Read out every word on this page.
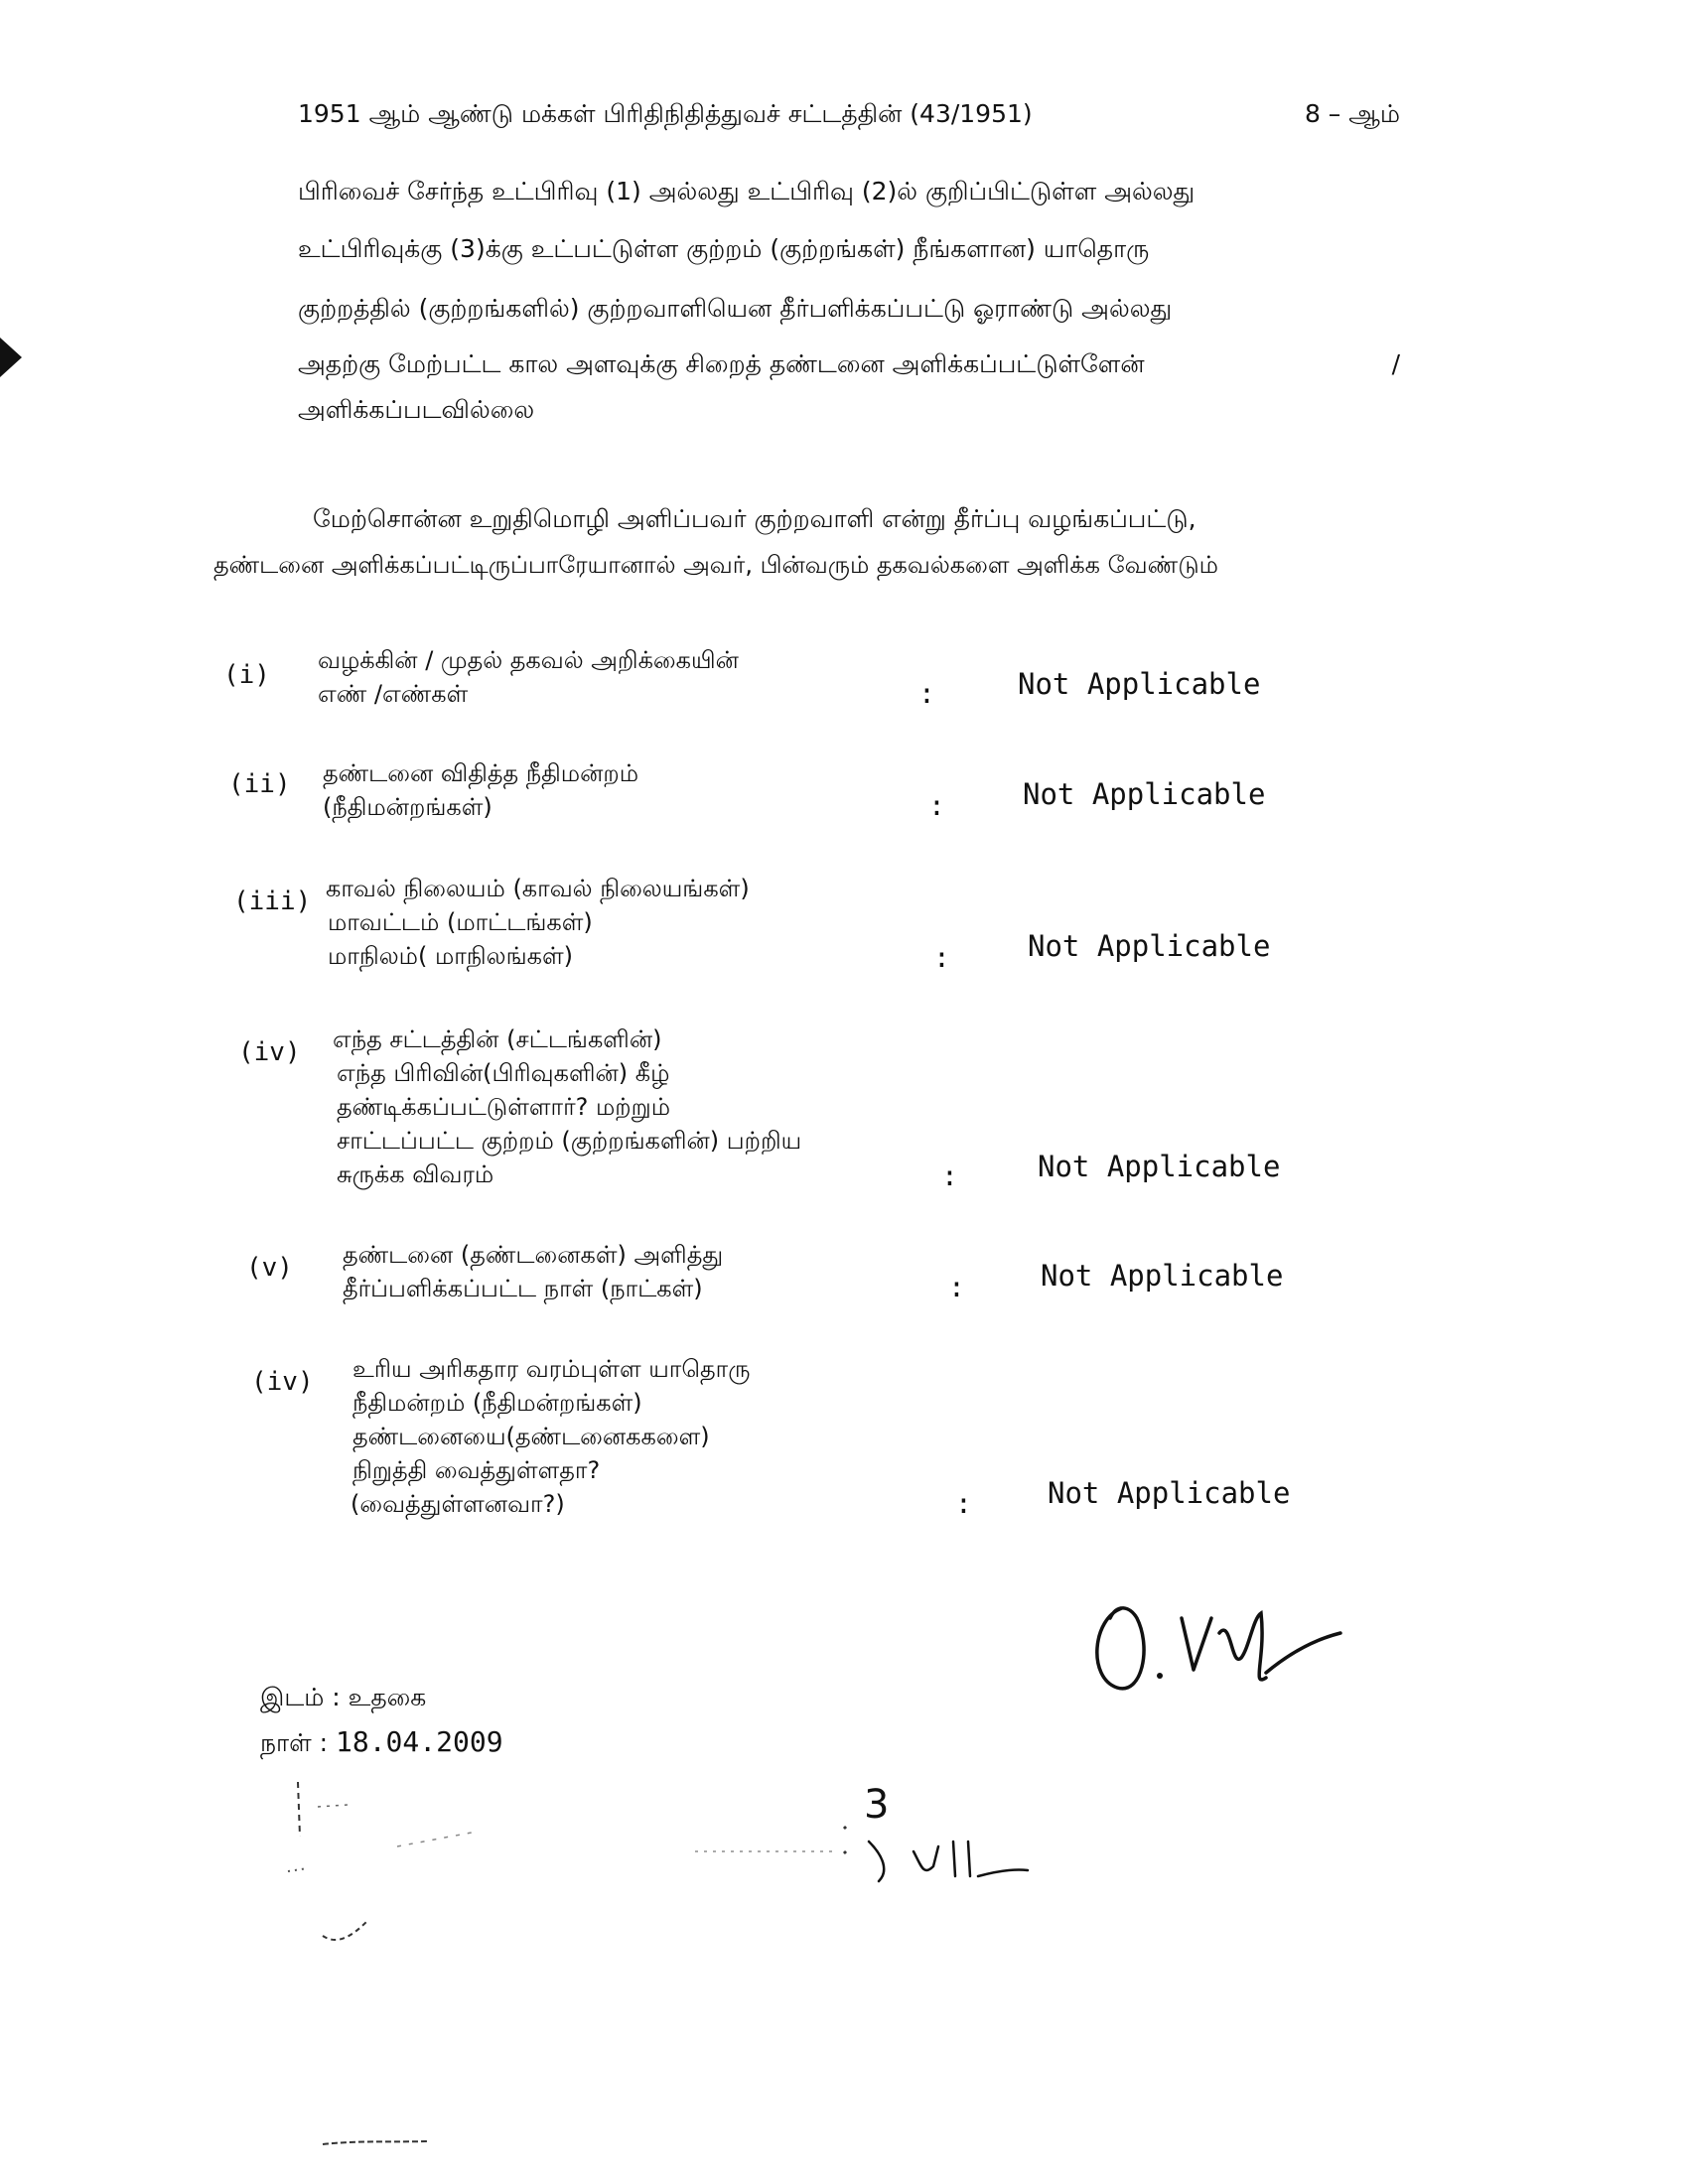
1951 ஆம் ஆண்டு மக்கள் பிரிதிநிதித்துவச் சட்டத்தின் (43/1951)	8 – ஆம்
பிரிவைச் சேர்ந்த உட்பிரிவு (1) அல்லது உட்பிரிவு (2)ல் குறிப்பிட்டுள்ள அல்லது
உட்பிரிவுக்கு (3)க்கு உட்பட்டுள்ள குற்றம் (குற்றங்கள்) நீங்களான) யாதொரு
குற்றத்தில் (குற்றங்களில்) குற்றவாளியென தீர்பளிக்கப்பட்டு ஓராண்டு அல்லது
அதற்கு மேற்பட்ட கால அளவுக்கு சிறைத் தண்டனை அளிக்கப்பட்டுள்ளேன்	/
அளிக்கப்படவில்லை
மேற்சொன்ன உறுதிமொழி அளிப்பவர் குற்றவாளி என்று தீர்ப்பு வழங்கப்பட்டு,
தண்டனை அளிக்கப்பட்டிருப்பாரேயானால் அவர், பின்வரும் தகவல்களை அளிக்க வேண்டும்
(i) வழக்கின் / முதல் தகவல் அறிக்கையின்
எண் /எண்கள்	:	Not Applicable
(ii) தண்டனை விதித்த நீதிமன்றம்
(நீதிமன்றங்கள்)	:	Not Applicable
(iii) காவல் நிலையம் (காவல் நிலையங்கள்)
மாவட்டம் (மாட்டங்கள்)
மாநிலம்( மாநிலங்கள்)	:	Not Applicable
(iv) எந்த சட்டத்தின் (சட்டங்களின்)
எந்த பிரிவின்(பிரிவுகளின்) கீழ்
தண்டிக்கப்பட்டுள்ளார்? மற்றும்
சாட்டப்பட்ட குற்றம் (குற்றங்களின்) பற்றிய
சுருக்க விவரம்	:	Not Applicable
(v) தண்டனை (தண்டனைகள்) அளித்து
தீர்ப்பளிக்கப்பட்ட நாள் (நாட்கள்)	:	Not Applicable
(iv) உரிய அரிகதார வரம்புள்ள யாதொரு
நீதிமன்றம் (நீதிமன்றங்கள்)
தண்டனையை(தண்டனைககளை)
நிறுத்தி வைத்துள்ளதா?
(வைத்துள்ளனவா?)	:	Not Applicable
இடம் : உதகை
நாள் : 18.04.2009
3
